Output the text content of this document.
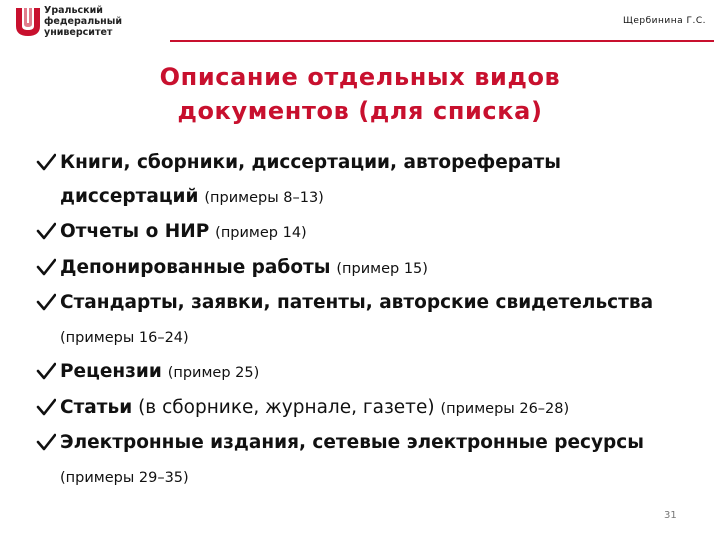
Уральский
федеральный
университет
Щербинина Г.С.
Описание отдельных видов
документов (для списка)
Книги, сборники, диссертации, авторефераты диссертаций (примеры 8–13)
Отчеты о НИР (пример 14)
Депонированные работы (пример 15)
Стандарты, заявки, патенты, авторские свидетельства (примеры 16–24)
Рецензии (пример 25)
Статьи (в сборнике, журнале, газете) (примеры 26–28)
Электронные издания, сетевые электронные ресурсы (примеры 29–35)
31
